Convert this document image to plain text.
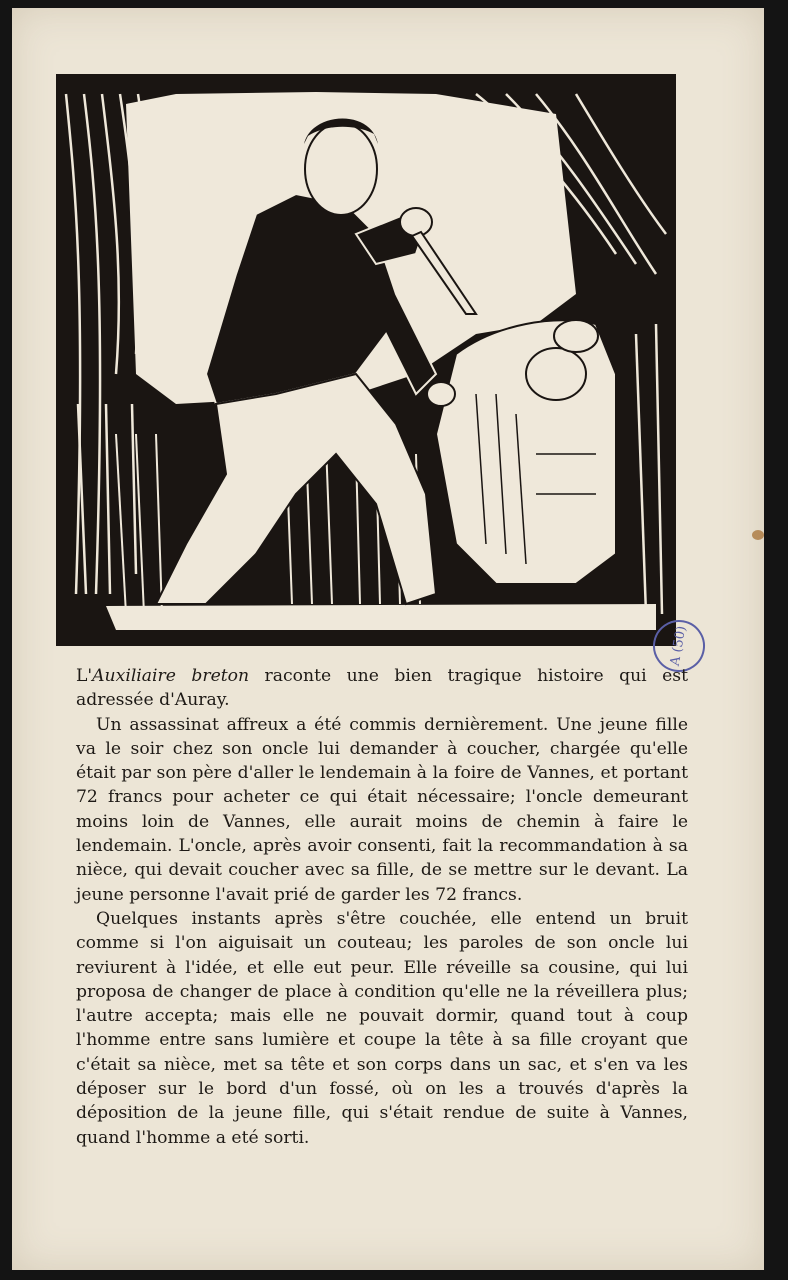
A (50)

L'Auxiliaire breton raconte une bien tragique histoire qui est adressée d'Auray.

Un assassinat affreux a été commis dernièrement. Une jeune fille va le soir chez son oncle lui demander à coucher, chargée qu'elle était par son père d'aller le lendemain à la foire de Vannes, et portant 72 francs pour acheter ce qui était nécessaire; l'oncle demeurant moins loin de Vannes, elle aurait moins de chemin à faire le lendemain. L'oncle, après avoir consenti, fait la recommandation à sa nièce, qui devait coucher avec sa fille, de se mettre sur le devant. La jeune personne l'avait prié de garder les 72 francs.

Quelques instants après s'être couchée, elle entend un bruit comme si l'on aiguisait un couteau; les paroles de son oncle lui reviurent à l'idée, et elle eut peur. Elle réveille sa cousine, qui lui proposa de changer de place à condition qu'elle ne la réveillera plus; l'autre accepta; mais elle ne pouvait dormir, quand tout à coup l'homme entre sans lumière et coupe la tête à sa fille croyant que c'était sa nièce, met sa tête et son corps dans un sac, et s'en va les déposer sur le bord d'un fossé, où on les a trouvés d'après la déposition de la jeune fille, qui s'était rendue de suite à Vannes, quand l'homme a eté sorti.
